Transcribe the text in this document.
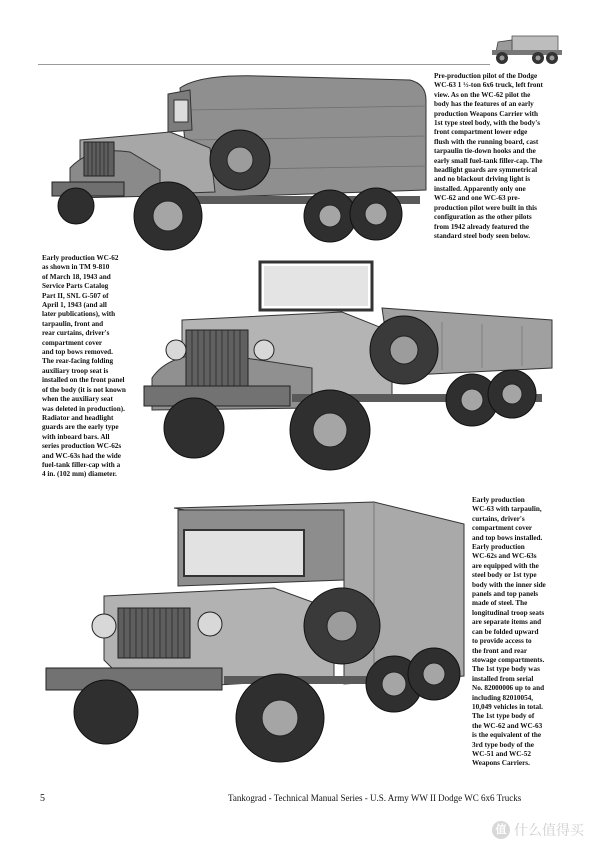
Pre-production pilot of the Dodge
WC-63 1 ½-ton 6x6 truck, left front
view. As on the WC-62 pilot the
body has the features of an early
production Weapons Carrier with
1st type steel body, with the body's
front compartment lower edge
flush with the running board, cast
tarpaulin tie-down hooks and the
early small fuel-tank filler-cap. The
headlight guards are symmetrical
and no blackout driving light is
installed. Apparently only one
WC-62 and one WC-63 pre-
production pilot were built in this
configuration as the other pilots
from 1942 already featured the
standard steel body seen below.
Early production WC-62
as shown in TM 9-810
of March 18, 1943 and
Service Parts Catalog
Part II, SNL G-507 of
April 1, 1943 (and all
later publications), with
tarpaulin, front and
rear curtains, driver's
compartment cover
and top bows removed.
The rear-facing folding
auxiliary troop seat is
installed on the front panel
of the body (it is not known
when the auxiliary seat
was deleted in production).
Radiator and headlight
guards are the early type
with inboard bars. All
series production WC-62s
and WC-63s had the wide
fuel-tank filler-cap with a
4 in. (102 mm) diameter.
Early production
WC-63 with tarpaulin,
curtains, driver's
compartment cover
and top bows installed.
Early production
WC-62s and WC-63s
are equipped with the
steel body or 1st type
body with the inner side
panels and top panels
made of steel. The
longitudinal troop seats
are separate items and
can be folded upward
to provide access to
the front and rear
stowage compartments.
The 1st type body was
installed from serial
No. 82000006 up to and
including 82010054,
10,049 vehicles in total.
The 1st type body of
the WC-62 and WC-63
is the equivalent of the
3rd type body of the
WC-51 and WC-52
Weapons Carriers.
5	Tankograd - Technical Manual Series - U.S. Army WW II Dodge WC 6x6 Trucks
值 什么值得买
